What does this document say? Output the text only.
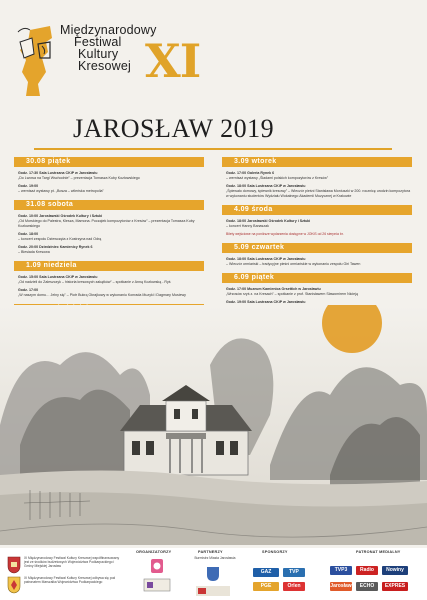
Międzynarodowy
Festiwal
Kultury
Kresowej XI
JAROSŁAW 2019
30.08 piątek
Godz. 17:30 Sala Lustrzana CKiP w Jarosławiu
„Do Lwowa na Targi Wschodnie” – prezentacja Tomasza Kuby Kozłowskiego
Godz. 19:00
– wernisaż wystawy pt. „Bosza – wileńska metropolia”
31.08 sobota
Godz. 10:00 Jarosławski Ośrodek Kultury i Sztuki
„Od Morskiego do Palestra, Klesza, Mamona. Początek kompozytorów z Kresów” – prezentacja Tomasza Kuby Kozłowskiego
Godz. 18:00
– koncert zespołu Dziewczęta z Kostrzyna nad Odrą
Godz. 20:00 Dziedziniec Kamienicy Rynek 6
– Biesiada Kresowa
1.09 niedziela
Godz. 15:00 Sala Lustrzana CKiP w Jarosławiu
„Od nadzieli do Zaleszczyk – historia kresowych zakątków” – spotkanie z Anną Kozłowską - Ryś
Godz. 17:00
„W naszym domu… Jelny się” – Piotr Bukrą Okrajkowy w wykonaniu Konrada Muzyki i Dagmary Musiewy

3.09 wtorek
Godz. 17:00 Galeria Rynek 6
– wernisaż wystawy „Śladami polskich kompozytorów z Kresów”
Godz. 18:00 Sala Lustrzana CKiP w Jarosławiu
„Śpiewało domowy, śpiewnik kresowy” – Wieczór pieśni Stanisława Moniuszki w 200. rocznicę urodzin kompozytora w wykonaniu studentów Wydziału Wokalnego Akademii Muzycznej w Krakowie
4.09 środa
Godz. 18:00 Jarosławski Ośrodek Kultury i Sztuki
– koncert Hanny Banaszak
Bilety wejściowe na poniższe wydarzenia dostępne w JOKiS od 26 sierpnia br.
5.09 czwartek
Godz. 18:00 Sala Lustrzana CKiP w Jarosławiu
– Wieczór ormiański – tradycyjne pieśni ormiańskie w wykonaniu zespołu Giri Tawen
6.09 piątek
Godz. 17:00 Muzeum Kamienica Orsettich w Jarosławiu
„Wrzosów rzyś z. na Kresach” – spotkanie z prof. Stanisławem Sławomirem Nicieją
Godz. 19:00 Sala Lustrzana CKiP w Jarosławiu

XI Międzynarodowy Festiwal Kultury Kresowej współfinansowany jest ze środków budżetowych Województwa Podkarpackiego i Gminy Miejskiej Jarosław
XI Międzynarodowy Festiwal Kultury Kresowej odbywa się pod patronatem Marszałka Województwa Podkarpackiego
ORGANIZATORZY	PARTNERZY
Burmistrz Miasta Jarosławia
SPONSORZY
GAZ	TVP
PGE	Orlen
PATRONAT MEDIALNY
TVP3	Radio	Nowiny
Jarosław	ECHO	EXPRES
